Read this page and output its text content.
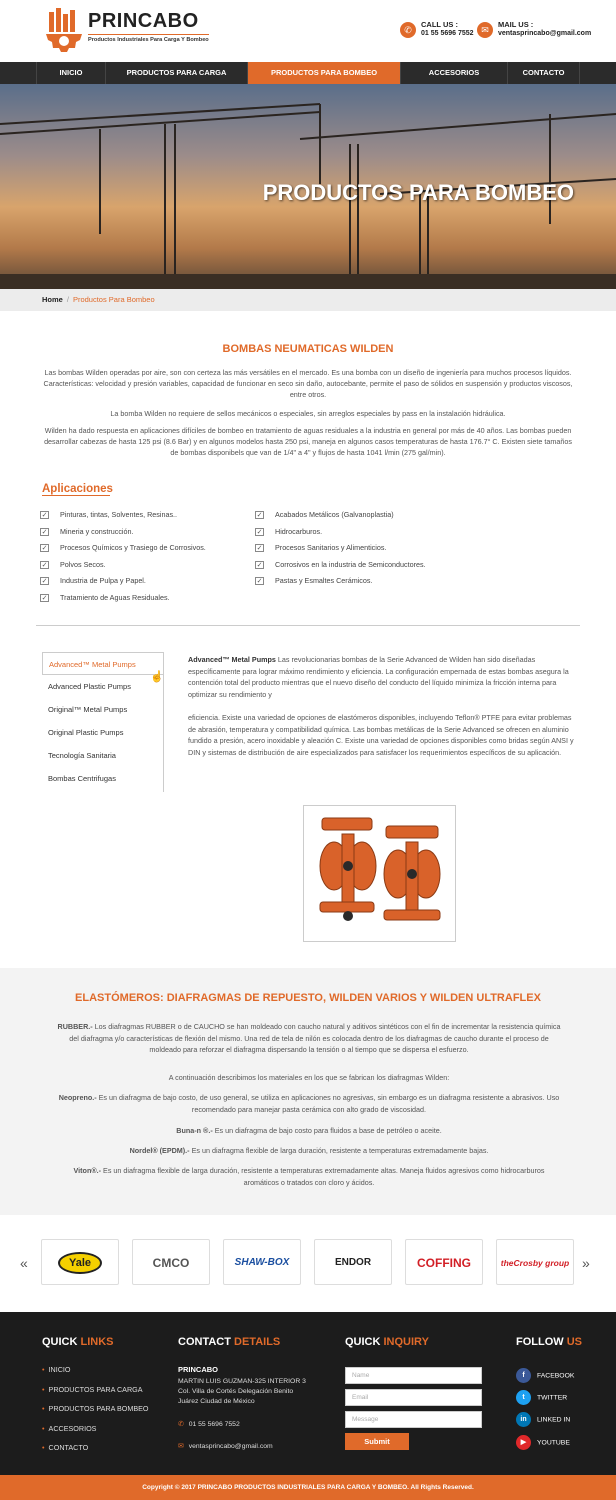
PRINCABO
Productos Industriales Para Carga Y Bombeo
✆
CALL US :
01 55 5696 7552 ✉
MAIL US :
ventasprincabo@gmail.com
INICIO	PRODUCTOS PARA CARGA	PRODUCTOS PARA BOMBEO	ACCESORIOS	CONTACTO
PRODUCTOS PARA BOMBEO
Home / Productos Para Bombeo
BOMBAS NEUMATICAS WILDEN
Las bombas Wilden operadas por aire, son con certeza las más versátiles en el mercado. Es una bomba con un diseño de ingeniería para muchos procesos líquidos. Características: velocidad y presión variables, capacidad de funcionar en seco sin daño, autocebante, permite el paso de sólidos en suspensión y productos viscosos, entre otros.
La bomba Wilden no requiere de sellos mecánicos o especiales, sin arreglos especiales by pass en la instalación hidráulica.
Wilden ha dado respuesta en aplicaciones difíciles de bombeo en tratamiento de aguas residuales a la industria en general por más de 40 años. Las bombas pueden desarrollar cabezas de hasta 125 psi (8.6 Bar) y en algunos modelos hasta 250 psi, maneja en algunos casos temperaturas de hasta 176.7° C. Existen siete tamaños de bombas disponibels que van de 1/4" a 4" y flujos de hasta 1041 l/min (275 gal/min).
Aplicaciones
✓ Pinturas, tintas, Solventes, Resinas..
✓ Mineria y construcción.
✓ Procesos Químicos y Trasiego de Corrosivos.
✓ Polvos Secos.
✓ Industria de Pulpa y Papel.
✓ Tratamiento de Aguas Residuales.
✓ Acabados Metálicos (Galvanoplastia)
✓ Hidrocarburos.
✓ Procesos Sanitarios y Alimenticios.
✓ Corrosivos en la industria de Semiconductores.
✓ Pastas y Esmaltes Cerámicos.
Advanced™ Metal Pumps
Advanced Plastic Pumps
Original™ Metal Pumps
Original Plastic Pumps
Tecnología Sanitaria
Bombas Centrifugas
☝

Advanced™ Metal Pumps Las revolucionarias bombas de la Serie Advanced de Wilden han sido diseñadas específicamente para lograr máximo rendimiento y eficiencia. La configuración empernada de estas bombas asegura la contención total del producto mientras que el nuevo diseño del conducto del líquido minimiza la fricción interna para optimizar su rendimiento y

eficiencia. Existe una variedad de opciones de elastómeros disponibles, incluyendo Teflon® PTFE para evitar problemas de abrasión, temperatura y compatibilidad química. Las bombas metálicas de la Serie Advanced se ofrecen en aluminio fundido a presión, acero inoxidable y aleación C. Existe una variedad de opciones disponibles como bridas según ANSI y DIN y sistemas de distribución de aire especializados para satisfacer los requerimientos específicos de su aplicación.

ELASTÓMEROS: DIAFRAGMAS DE REPUESTO, WILDEN VARIOS Y WILDEN ULTRAFLEX
RUBBER.- Los diafragmas RUBBER o de CAUCHO se han moldeado con caucho natural y aditivos sintéticos con el fin de incrementar la resistencia química del diafragma y/o características de flexión del mismo. Una red de tela de nilón es colocada dentro de los diafragmas de caucho durante el proceso de moldeado para reforzar el diafragma dispersando la tensión o al tiempo que se dispersa el esfuerzo.
A continuación describimos los materiales en los que se fabrican los diafragmas Wilden:
Neopreno.- Es un diafragma de bajo costo, de uso general, se utiliza en aplicaciones no agresivas, sin embargo es un diafragma resistente a abrasivos. Uso recomendado para manejar pasta cerámica con alto grado de viscosidad.
Buna-n ®.- Es un diafragma de bajo costo para fluidos a base de petróleo o aceite.
Nordel® (EPDM).- Es un diafragma flexible de larga duración, resistente a temperaturas extremadamente bajas.
Viton®.- Es un diafragma flexible de larga duración, resistente a temperaturas extremadamente altas. Maneja fluidos agresivos como hidrocarburos aromáticos o tratados con cloro y ácidos.
«	Yale	CMCO	SHAW-BOX	ENDOR	COFFING	theCrosby group »
QUICK LINKS
• INICIO
• PRODUCTOS PARA CARGA
• PRODUCTOS PARA BOMBEO
• ACCESORIOS
• CONTACTO
CONTACT DETAILS
PRINCABO
MARTIN LUIS GUZMAN-325 INTERIOR 3 Col. Villa de Cortés Delegación Benito Juárez Ciudad de México
✆ 01 55 5696 7552
✉ ventasprincabo@gmail.com
QUICK INQUIRY	FOLLOW US
f FACEBOOK
t TWITTER
in LINKED IN
▶ YOUTUBE
Name
Email
Message
Submit
Copyright © 2017 PRINCABO PRODUCTOS INDUSTRIALES PARA CARGA Y BOMBEO. All Rights Reserved.
